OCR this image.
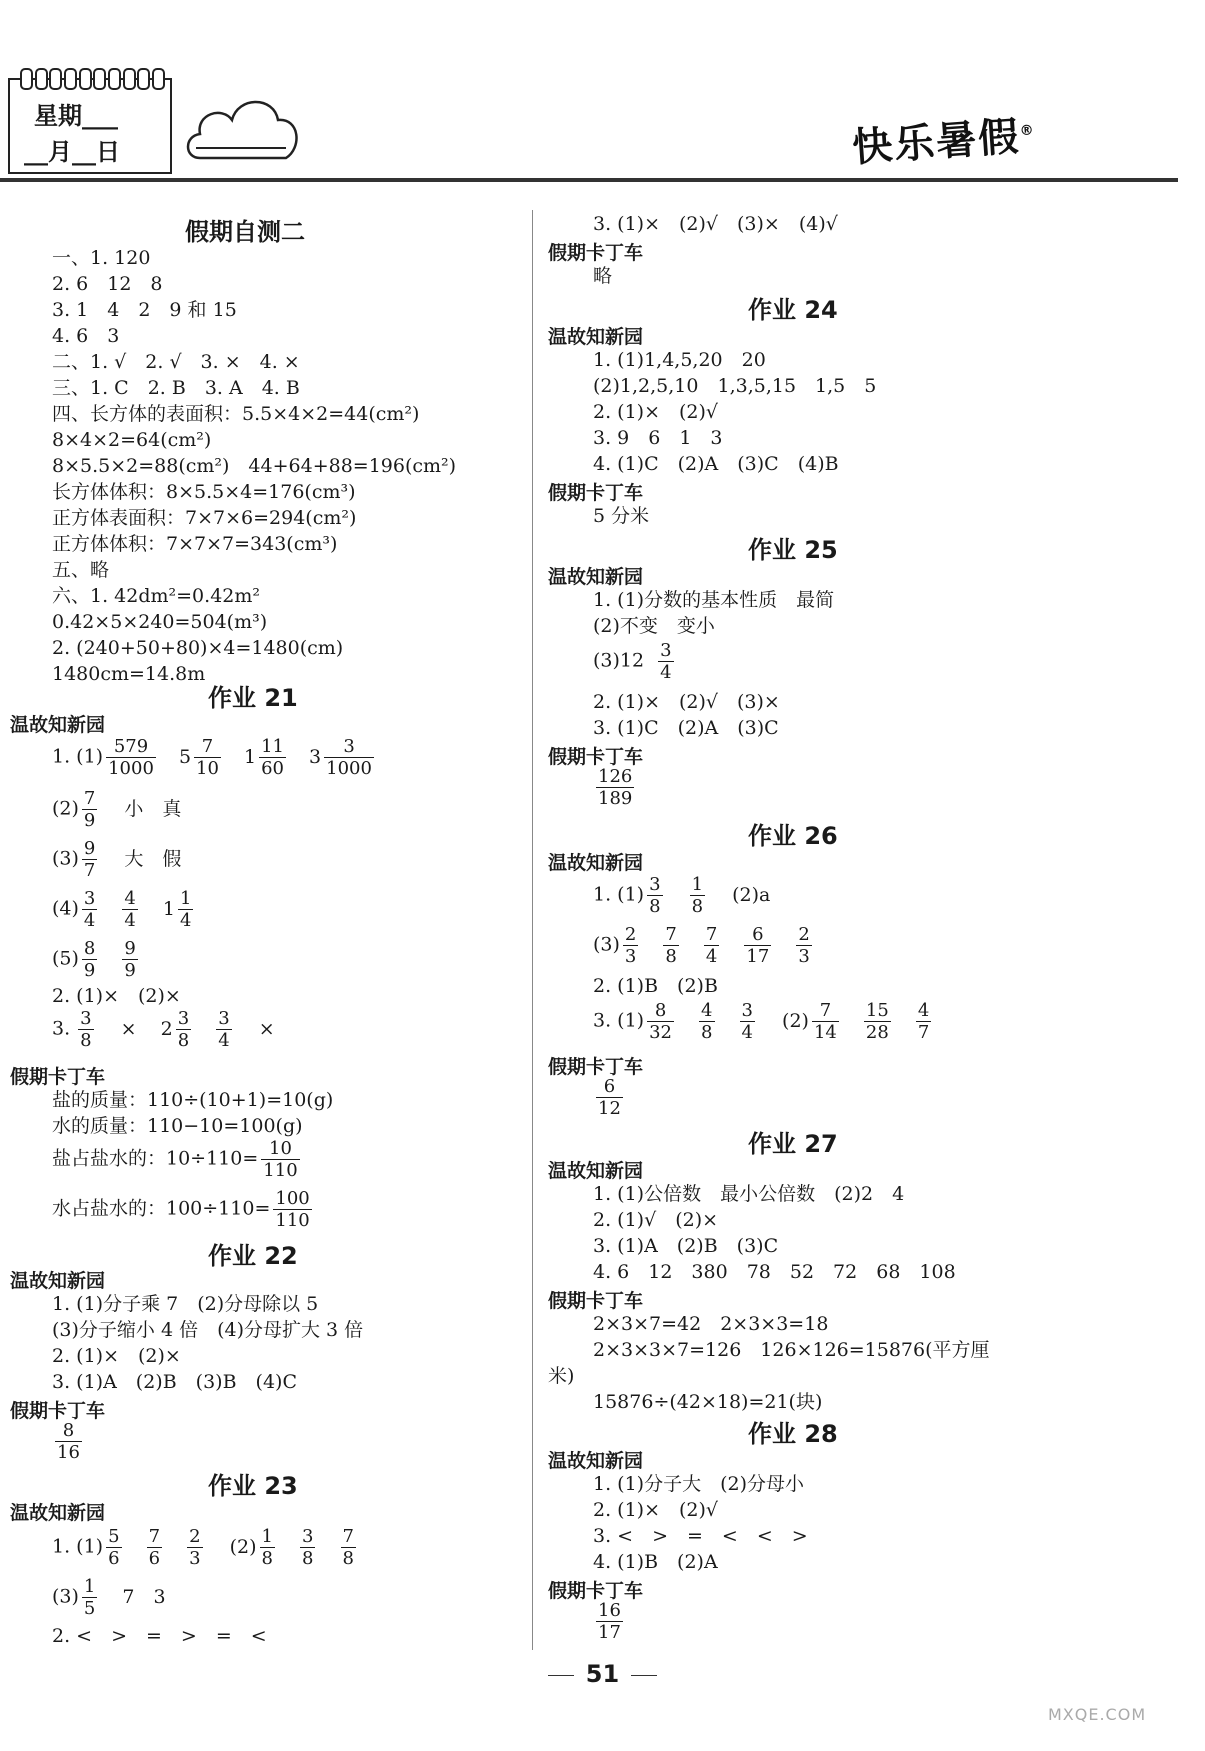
星期___
__月__日	快乐暑假®
假期自测二
一、1. 120
2. 6　12　8
3. 1　4　2　9 和 15
4. 6　3
二、1. √　2. √　3. ×　4. ×
三、1. C　2. B　3. A　4. B
四、长方体的表面积：5.5×4×2=44(cm²)
8×4×2=64(cm²)
8×5.5×2=88(cm²)　44+64+88=196(cm²)
长方体体积：8×5.5×4=176(cm³)
正方体表面积：7×7×6=294(cm²)
正方体体积：7×7×7=343(cm³)
五、略
六、1. 42dm²=0.42m²
0.42×5×240=504(m³)
2. (240+50+80)×4=1480(cm)
1480cm=14.8m
作业 21
温故知新园
1. $(1) \frac{579}{1000} 5 \frac{7}{10} 1 \frac{11}{60} 3 \frac{3}{1000}$
$(2) \frac{7}{9}$ 小　真
$(3) \frac{9}{7}$ 大　假
$(4) \frac{3}{4}$
$\frac{4}{4} 1 \frac{1}{4}$
$(5) \frac{8}{9}$
$\frac{9}{9}$
2. (1)×　(2)×
3. $\frac{3}{8} \times 2 \frac{3}{8}$
$\frac{3}{4}$ ×
假期卡丁车
盐的质量：110÷(10+1)=10(g)
水的质量：110−10=100(g)
盐占盐水的：$10\div 110= \frac{10}{110}$
水占盐水的：$100\div 110= \frac{100}{110}$
作业 22
温故知新园
1. (1)分子乘 7　(2)分母除以 5
(3)分子缩小 4 倍　(4)分母扩大 3 倍
2. (1)×　(2)×
3. (1)A　(2)B　(3)B　(4)C
假期卡丁车
$\frac{8}{16}$
作业 23
温故知新园
1. $(1) \frac{5}{6}$
$\frac{7}{6}$
$\frac{2}{3} (2) \frac{1}{8}$
$\frac{3}{8}$
$\frac{7}{8}$
$(3) \frac{1}{5} 7$　3
2. <　>　=　>　=　<
3. (1)×　(2)√　(3)×　(4)√
假期卡丁车
略
作业 24
温故知新园
1. (1)1,4,5,20　20
(2)1,2,5,10　1,3,5,15　1,5　5
2. (1)×　(2)√
3. 9　6　1　3
4. (1)C　(2)A　(3)C　(4)B
假期卡丁车
5 分米
作业 25
温故知新园
1. (1)分数的基本性质　最简
(2)不变　变小
$(3)12 \frac{3}{4}$
2. (1)×　(2)√　(3)×
3. (1)C　(2)A　(3)C
假期卡丁车
$\frac{126}{189}$
作业 26
温故知新园
1. $(1) \frac{3}{8}$
$\frac{1}{8} (2)a$
$(3) \frac{2}{3}$
$\frac{7}{8}$
$\frac{7}{4}$
$\frac{6}{17}$
$\frac{2}{3}$
2. (1)B　(2)B
3. $(1) \frac{8}{32}$
$\frac{4}{8}$
$\frac{3}{4} (2) \frac{7}{14}$
$\frac{15}{28}$
$\frac{4}{7}$
假期卡丁车
$\frac{6}{12}$
作业 27
温故知新园
1. (1)公倍数　最小公倍数　(2)2　4
2. (1)√　(2)×
3. (1)A　(2)B　(3)C
4. 6　12　380　78　52　72　68　108
假期卡丁车
2×3×7=42　2×3×3=18
2×3×3×7=126　126×126=15876(平方厘
米)
15876÷(42×18)=21(块)
作业 28
温故知新园
1. (1)分子大　(2)分母小
2. (1)×　(2)√
3. <　>　=　<　<　>
4. (1)B　(2)A
假期卡丁车
$\frac{16}{17}$
51
MXQE.COM
